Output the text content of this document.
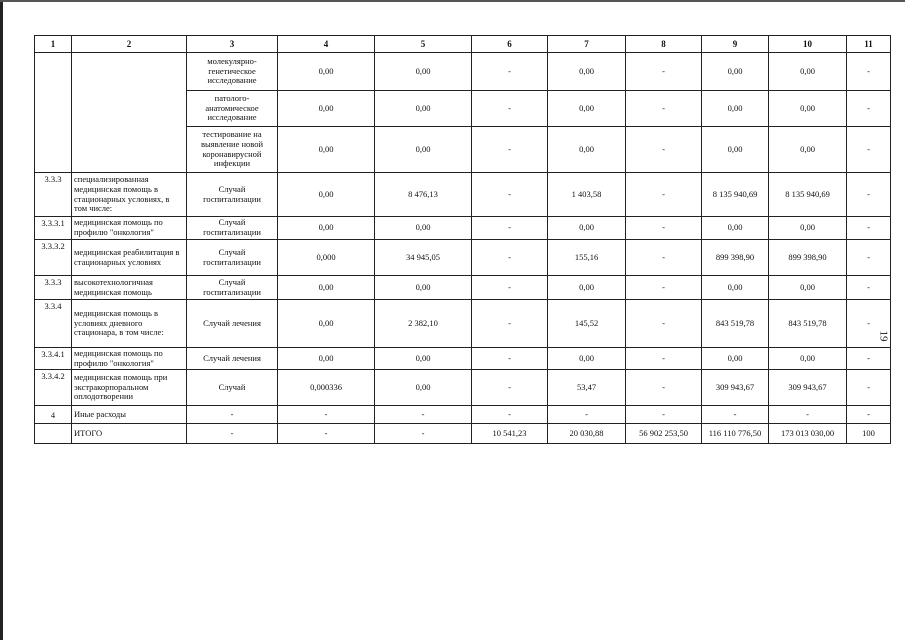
19
1	2	3	4	5	6	7	8	9	10	11
		молекулярно-генетическое исследование	0,00	0,00	-	0,00	-	0,00	0,00	-
		патолого-анатомическое исследование	0,00	0,00	-	0,00	-	0,00	0,00	-
		тестирование на выявление новой коронавирусной инфекции	0,00	0,00	-	0,00	-	0,00	0,00	-
3.3.3	специализированная медицинская помощь в стационарных условиях, в том числе:	Случай госпитализации	0,00	8 476,13	-	1 403,58	-	8 135 940,69	8 135 940,69	-
3.3.3.1	медицинская помощь по профилю "онкология"	Случай госпитализации	0,00	0,00	-	0,00	-	0,00	0,00	-
3.3.3.2	медицинская реабилитация в стационарных условиях	Случай госпитализации	0,000	34 945,05	-	155,16	-	899 398,90	899 398,90	-
3.3.3	высокотехнологичная медицинская помощь	Случай госпитализации	0,00	0,00	-	0,00	-	0,00	0,00	-
3.3.4	медицинская помощь в условиях дневного стационара, в том числе:	Случай лечения	0,00	2 382,10	-	145,52	-	843 519,78	843 519,78	-
3.3.4.1	медицинская помощь по профилю "онкология"	Случай лечения	0,00	0,00	-	0,00	-	0,00	0,00	-
3.3.4.2	медицинская помощь при экстракорпоральном оплодотворении	Случай	0,000336	0,00	-	53,47	-	309 943,67	309 943,67	-
4	Иные расходы	-	-	-	-	-	-	-	-	-
	ИТОГО	-	-	-	10 541,23	20 030,88	56 902 253,50	116 110 776,50	173 013 030,00	100
